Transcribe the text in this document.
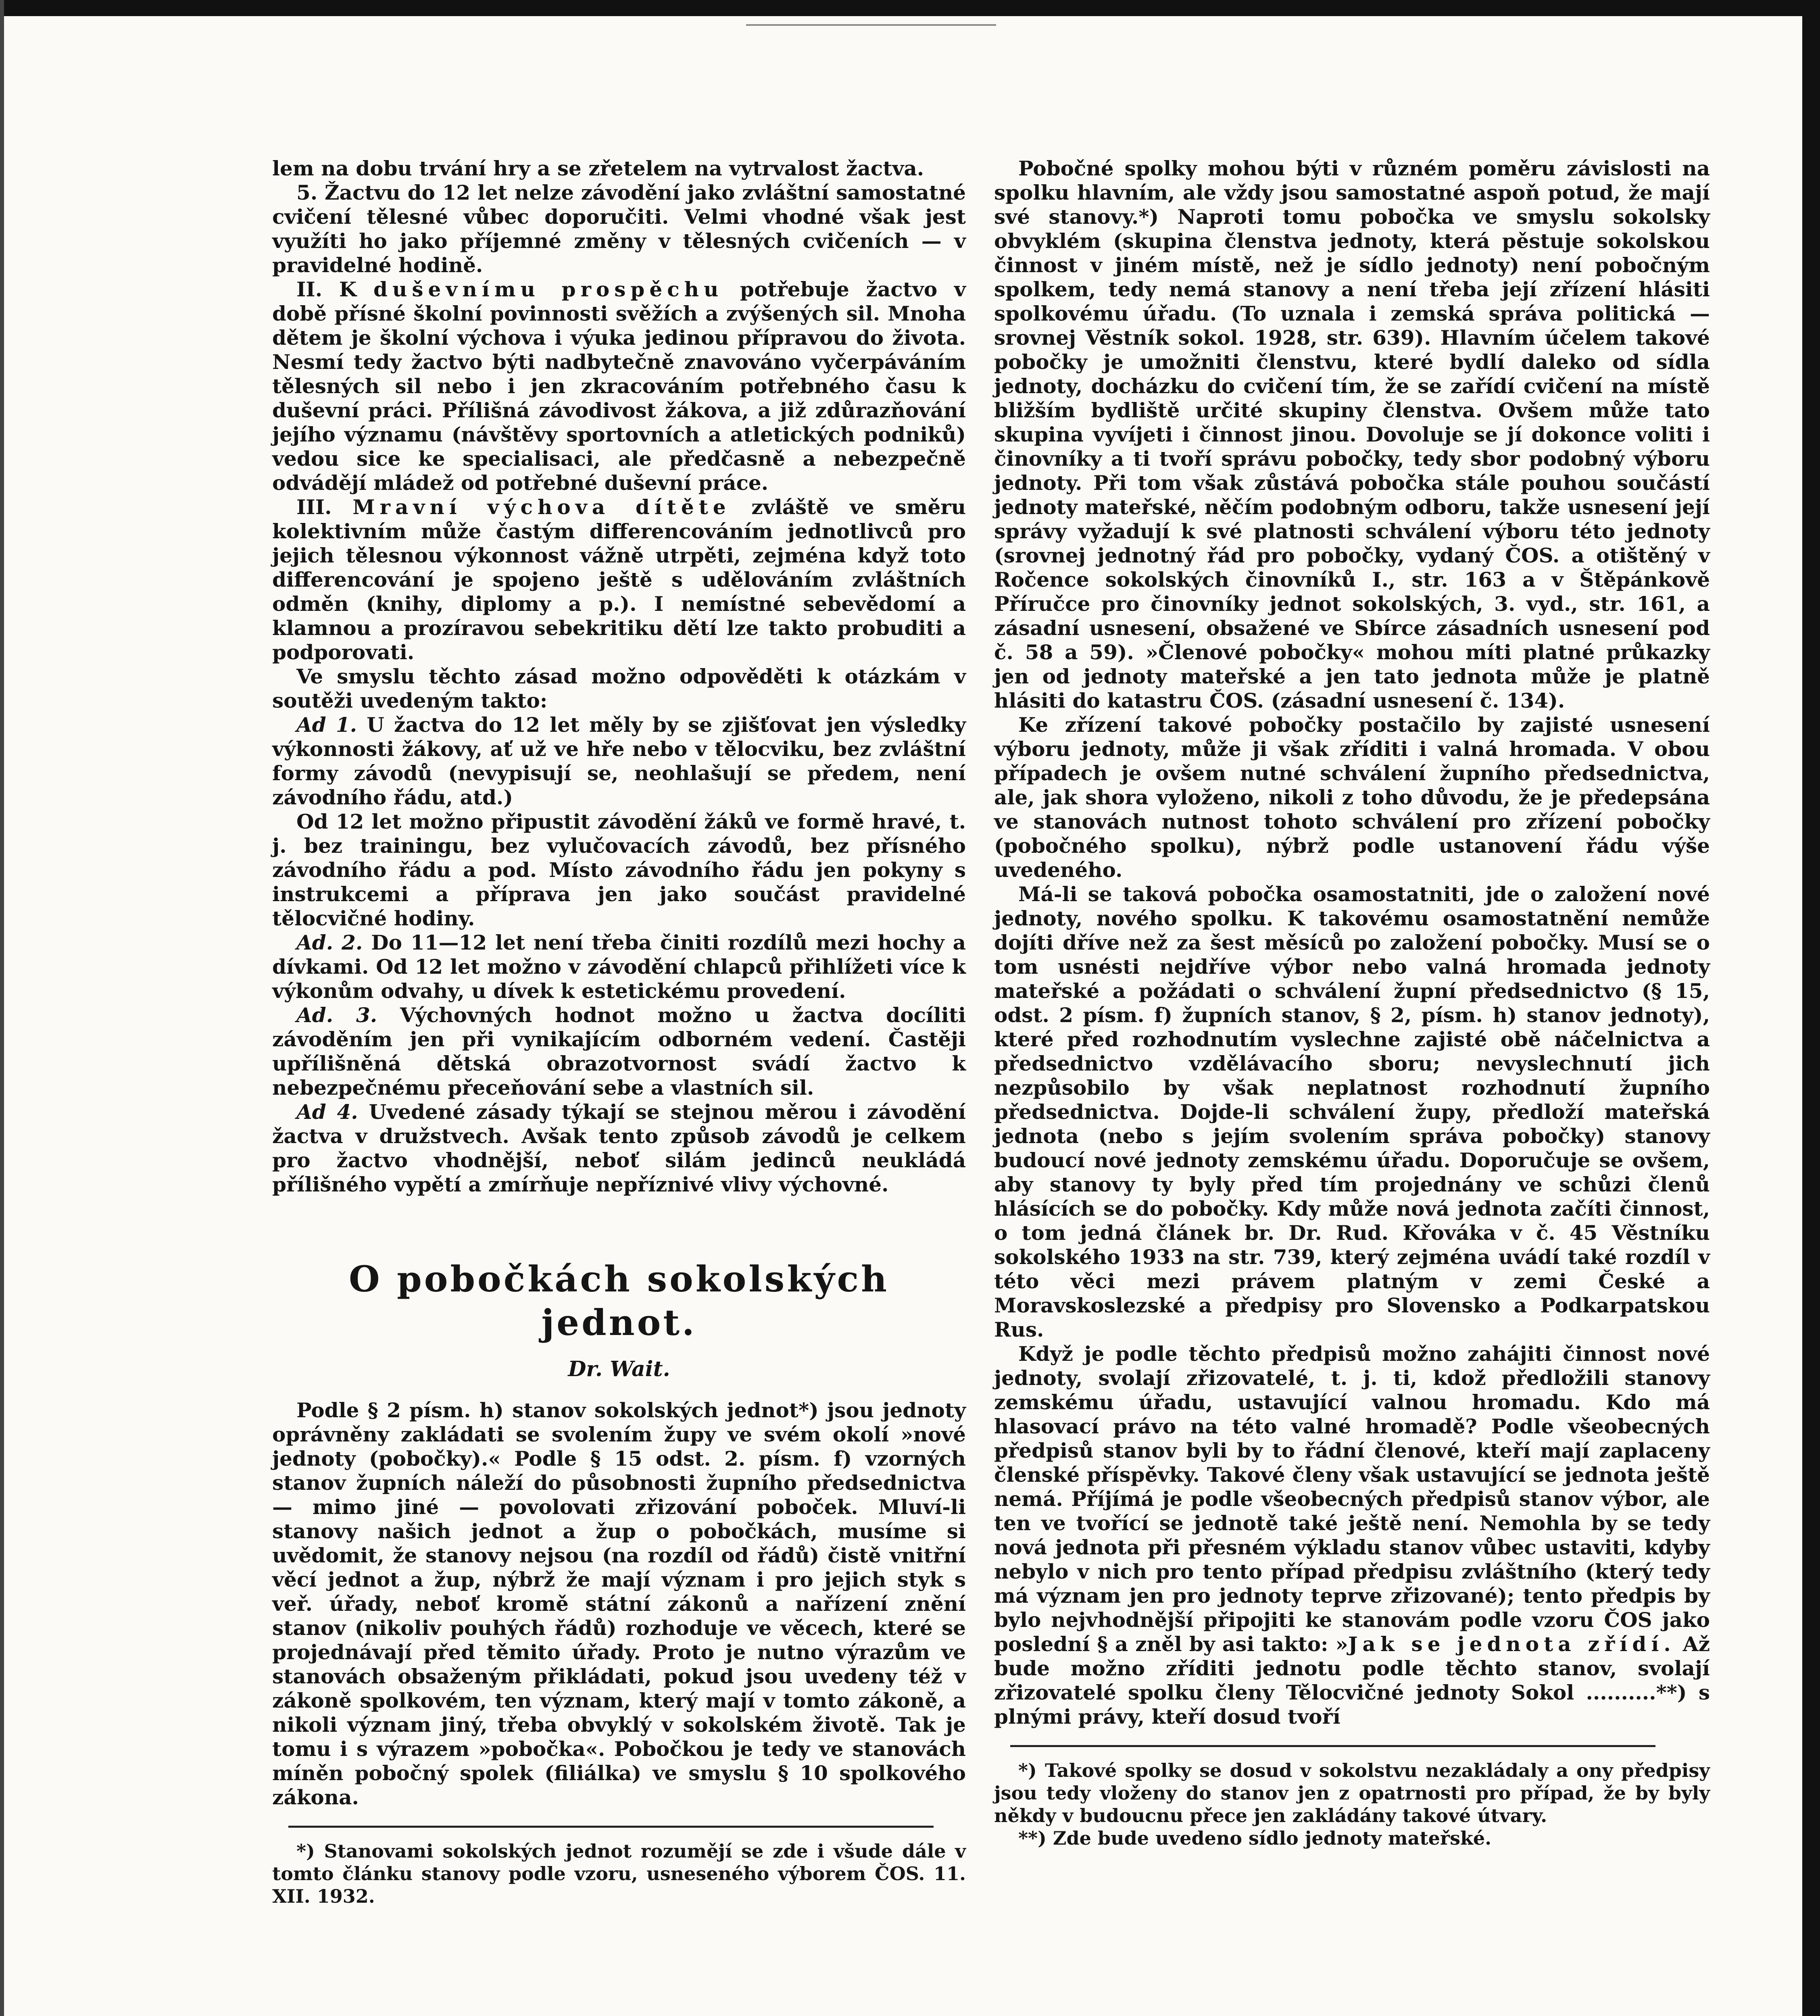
lem na dobu trvání hry a se zřetelem na vytrvalost žactva.

5. Žactvu do 12 let nelze závodění jako zvláštní samostatné cvičení tělesné vůbec doporučiti. Velmi vhodné však jest využíti ho jako příjemné změny v tělesných cvičeních — v pravidelné hodině.

II. K duševnímu prospěchu potřebuje žactvo v době přísné školní povinnosti svěžích a zvýšených sil. Mnoha dětem je školní výchova i výuka jedinou přípravou do života. Nesmí tedy žactvo býti nadbytečně znavováno vyčerpáváním tělesných sil nebo i jen zkracováním potřebného času k duševní práci. Přílišná závodivost žákova, a již zdůrazňování jejího významu (návštěvy sportovních a atletických podniků) vedou sice ke specialisaci, ale předčasně a nebezpečně odvádějí mládež od potřebné duševní práce.

III. Mravní výchova dítěte zvláště ve směru kolektivním může častým differencováním jednotlivců pro jejich tělesnou výkonnost vážně utrpěti, zejména když toto differencování je spojeno ještě s udělováním zvláštních odměn (knihy, diplomy a p.). I nemístné sebevědomí a klamnou a prozíravou sebekritiku dětí lze takto probuditi a podporovati.

Ve smyslu těchto zásad možno odpověděti k otázkám v soutěži uvedeným takto:

Ad 1. U žactva do 12 let měly by se zjišťovat jen výsledky výkonnosti žákovy, ať už ve hře nebo v tělocviku, bez zvláštní formy závodů (nevypisují se, neohlašují se předem, není závodního řádu, atd.)

Od 12 let možno připustit závodění žáků ve formě hravé, t. j. bez trainingu, bez vylučovacích závodů, bez přísného závodního řádu a pod. Místo závodního řádu jen pokyny s instrukcemi a příprava jen jako součást pravidelné tělocvičné hodiny.

Ad. 2. Do 11—12 let není třeba činiti rozdílů mezi hochy a dívkami. Od 12 let možno v závodění chlapců přihlížeti více k výkonům odvahy, u dívek k estetickému provedení.

Ad. 3. Výchovných hodnot možno u žactva docíliti závoděním jen při vynikajícím odborném vedení. Častěji upřílišněná dětská obrazotvornost svádí žactvo k nebezpečnému přeceňování sebe a vlastních sil.

Ad 4. Uvedené zásady týkají se stejnou měrou i závodění žactva v družstvech. Avšak tento způsob závodů je celkem pro žactvo vhodnější, neboť silám jedinců neukládá přílišného vypětí a zmírňuje nepříznivé vlivy výchovné.

O pobočkách sokolských jednot.
Dr. Wait.

Podle § 2 písm. h) stanov sokolských jednot*) jsou jednoty oprávněny zakládati se svolením župy ve svém okolí »nové jednoty (pobočky).« Podle § 15 odst. 2. písm. f) vzorných stanov župních náleží do působnosti župního předsednictva — mimo jiné — povolovati zřizování poboček. Mluví-li stanovy našich jednot a žup o pobočkách, musíme si uvědomit, že stanovy nejsou (na rozdíl od řádů) čistě vnitřní věcí jednot a žup, nýbrž že mají význam i pro jejich styk s veř. úřady, neboť kromě státní zákonů a nařízení znění stanov (nikoliv pouhých řádů) rozhoduje ve věcech, které se projednávají před těmito úřady. Proto je nutno výrazům ve stanovách obsaženým přikládati, pokud jsou uvedeny též v zákoně spolkovém, ten význam, který mají v tomto zákoně, a nikoli význam jiný, třeba obvyklý v sokolském životě. Tak je tomu i s výrazem »pobočka«. Pobočkou je tedy ve stanovách míněn pobočný spolek (filiálka) ve smyslu § 10 spolkového zákona.

*) Stanovami sokolských jednot rozumějí se zde i všude dále v tomto článku stanovy podle vzoru, usneseného výborem ČOS. 11. XII. 1932.

Pobočné spolky mohou býti v různém poměru závislosti na spolku hlavním, ale vždy jsou samostatné aspoň potud, že mají své stanovy.*) Naproti tomu pobočka ve smyslu sokolsky obvyklém (skupina členstva jednoty, která pěstuje sokolskou činnost v jiném místě, než je sídlo jednoty) není pobočným spolkem, tedy nemá stanovy a není třeba její zřízení hlásiti spolkovému úřadu. (To uznala i zemská správa politická — srovnej Věstník sokol. 1928, str. 639). Hlavním účelem takové pobočky je umožniti členstvu, které bydlí daleko od sídla jednoty, docházku do cvičení tím, že se zařídí cvičení na místě bližším bydliště určité skupiny členstva. Ovšem může tato skupina vyvíjeti i činnost jinou. Dovoluje se jí dokonce voliti i činovníky a ti tvoří správu pobočky, tedy sbor podobný výboru jednoty. Při tom však zůstává pobočka stále pouhou součástí jednoty mateřské, něčím podobným odboru, takže usnesení její správy vyžadují k své platnosti schválení výboru této jednoty (srovnej jednotný řád pro pobočky, vydaný ČOS. a otištěný v Ročence sokolských činovníků I., str. 163 a v Štěpánkově Příručce pro činovníky jednot sokolských, 3. vyd., str. 161, a zásadní usnesení, obsažené ve Sbírce zásadních usnesení pod č. 58 a 59). »Členové pobočky« mohou míti platné průkazky jen od jednoty mateřské a jen tato jednota může je platně hlásiti do katastru ČOS. (zásadní usnesení č. 134).

Ke zřízení takové pobočky postačilo by zajisté usnesení výboru jednoty, může ji však zříditi i valná hromada. V obou případech je ovšem nutné schválení župního předsednictva, ale, jak shora vyloženo, nikoli z toho důvodu, že je předepsána ve stanovách nutnost tohoto schválení pro zřízení pobočky (pobočného spolku), nýbrž podle ustanovení řádu výše uvedeného.

Má-li se taková pobočka osamostatniti, jde o založení nové jednoty, nového spolku. K takovému osamostatnění nemůže dojíti dříve než za šest měsíců po založení pobočky. Musí se o tom usnésti nejdříve výbor nebo valná hromada jednoty mateřské a požádati o schválení župní předsednictvo (§ 15, odst. 2 písm. f) župních stanov, § 2, písm. h) stanov jednoty), které před rozhodnutím vyslechne zajisté obě náčelnictva a předsednictvo vzdělávacího sboru; nevyslechnutí jich nezpůsobilo by však neplatnost rozhodnutí župního předsednictva. Dojde-li schválení župy, předloží mateřská jednota (nebo s jejím svolením správa pobočky) stanovy budoucí nové jednoty zemskému úřadu. Doporučuje se ovšem, aby stanovy ty byly před tím projednány ve schůzi členů hlásících se do pobočky. Kdy může nová jednota začíti činnost, o tom jedná článek br. Dr. Rud. Křováka v č. 45 Věstníku sokolského 1933 na str. 739, který zejména uvádí také rozdíl v této věci mezi právem platným v zemi České a Moravskoslezské a předpisy pro Slovensko a Podkarpatskou Rus.

Když je podle těchto předpisů možno zahájiti činnost nové jednoty, svolají zřizovatelé, t. j. ti, kdož předložili stanovy zemskému úřadu, ustavující valnou hromadu. Kdo má hlasovací právo na této valné hromadě? Podle všeobecných předpisů stanov byli by to řádní členové, kteří mají zaplaceny členské příspěvky. Takové členy však ustavující se jednota ještě nemá. Příjímá je podle všeobecných předpisů stanov výbor, ale ten ve tvořící se jednotě také ještě není. Nemohla by se tedy nová jednota při přesném výkladu stanov vůbec ustaviti, kdyby nebylo v nich pro tento případ předpisu zvláštního (který tedy má význam jen pro jednoty teprve zřizované); tento předpis by bylo nejvhodnější připojiti ke stanovám podle vzoru ČOS jako poslední § a zněl by asi takto: »Jak se jednota zřídí. Až bude možno zříditi jednotu podle těchto stanov, svolají zřizovatelé spolku členy Tělocvičné jednoty Sokol ..........**) s plnými právy, kteří dosud tvoří

*) Takové spolky se dosud v sokolstvu nezakládaly a ony předpisy jsou tedy vloženy do stanov jen z opatrnosti pro případ, že by byly někdy v budoucnu přece jen zakládány takové útvary.

**) Zde bude uvedeno sídlo jednoty mateřské.
